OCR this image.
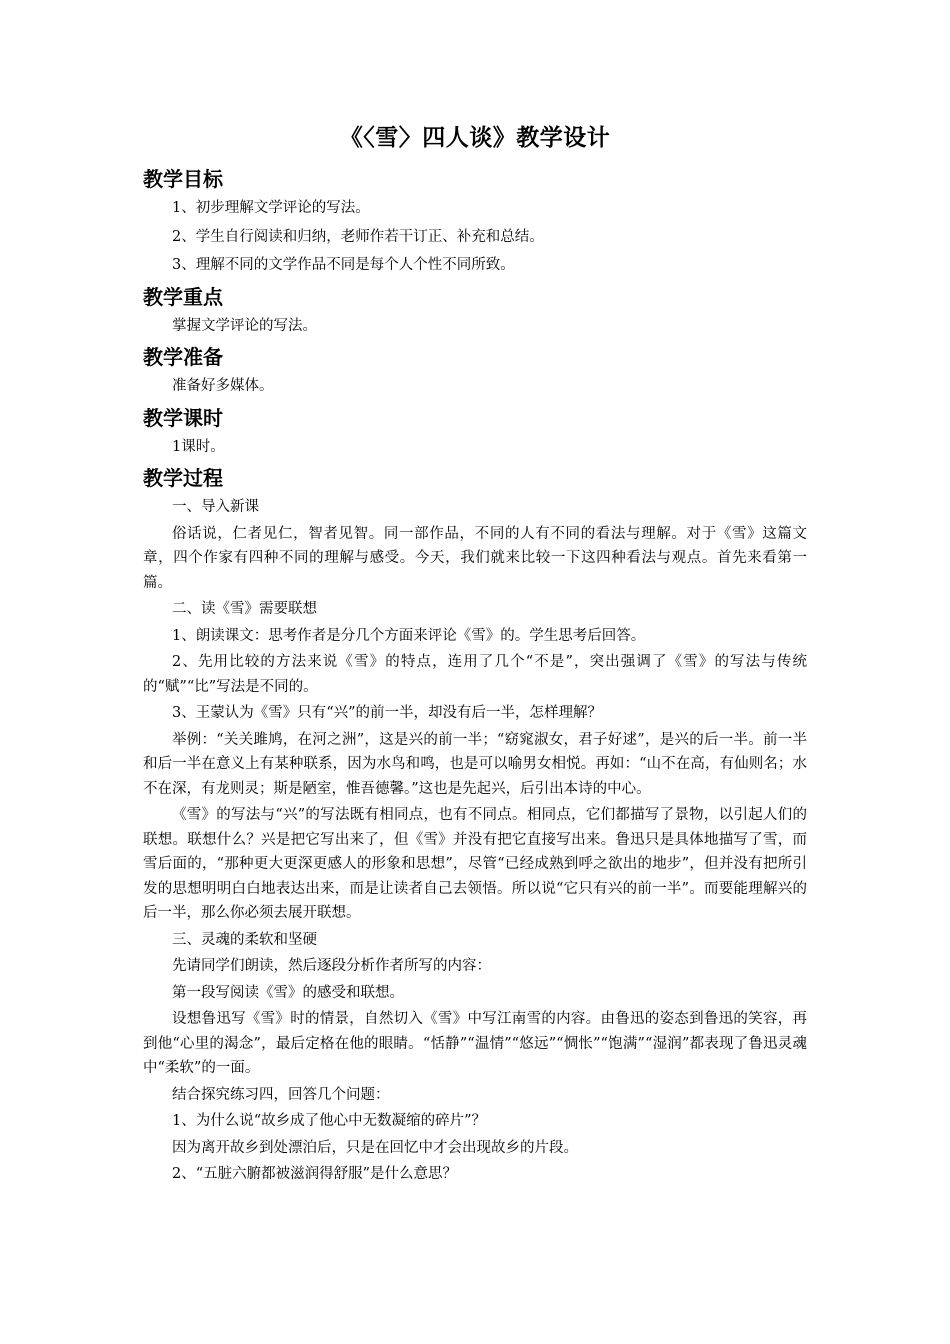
《〈雪〉四人谈》教学设计
教学目标

1、初步理解文学评论的写法。

2、学生自行阅读和归纳，老师作若干订正、补充和总结。

3、理解不同的文学作品不同是每个人个性不同所致。

教学重点

掌握文学评论的写法。

教学准备

准备好多媒体。

教学课时

1课时。

教学过程

一、导入新课

俗话说，仁者见仁，智者见智。同一部作品，不同的人有不同的看法与理解。对于《雪》这篇文章，四个作家有四种不同的理解与感受。今天，我们就来比较一下这四种看法与观点。首先来看第一篇。

二、读《雪》需要联想

1、朗读课文：思考作者是分几个方面来评论《雪》的。学生思考后回答。

2、先用比较的方法来说《雪》的特点，连用了几个“不是”，突出强调了《雪》的写法与传统的“赋”“比”写法是不同的。

3、王蒙认为《雪》只有“兴”的前一半，却没有后一半，怎样理解？

举例：“关关雎鸠，在河之洲”，这是兴的前一半；“窈窕淑女，君子好逑”，是兴的后一半。前一半和后一半在意义上有某种联系，因为水鸟和鸣，也是可以喻男女相悦。再如：“山不在高，有仙则名；水不在深，有龙则灵；斯是陋室，惟吾德馨。”这也是先起兴，后引出本诗的中心。

《雪》的写法与“兴”的写法既有相同点，也有不同点。相同点，它们都描写了景物，以引起人们的联想。联想什么？兴是把它写出来了，但《雪》并没有把它直接写出来。鲁迅只是具体地描写了雪，而雪后面的，“那种更大更深更感人的形象和思想”，尽管“已经成熟到呼之欲出的地步”，但并没有把所引发的思想明明白白地表达出来，而是让读者自己去领悟。所以说“它只有兴的前一半”。而要能理解兴的后一半，那么你必须去展开联想。

三、灵魂的柔软和坚硬

先请同学们朗读，然后逐段分析作者所写的内容：

第一段写阅读《雪》的感受和联想。

设想鲁迅写《雪》时的情景，自然切入《雪》中写江南雪的内容。由鲁迅的姿态到鲁迅的笑容，再到他“心里的渴念”，最后定格在他的眼睛。“恬静”“温情”“悠远”“惆怅”“饱满”“湿润”都表现了鲁迅灵魂中“柔软”的一面。

结合探究练习四，回答几个问题：

1、为什么说“故乡成了他心中无数凝缩的碎片”？

因为离开故乡到处漂泊后，只是在回忆中才会出现故乡的片段。

2、“五脏六腑都被滋润得舒服”是什么意思？
